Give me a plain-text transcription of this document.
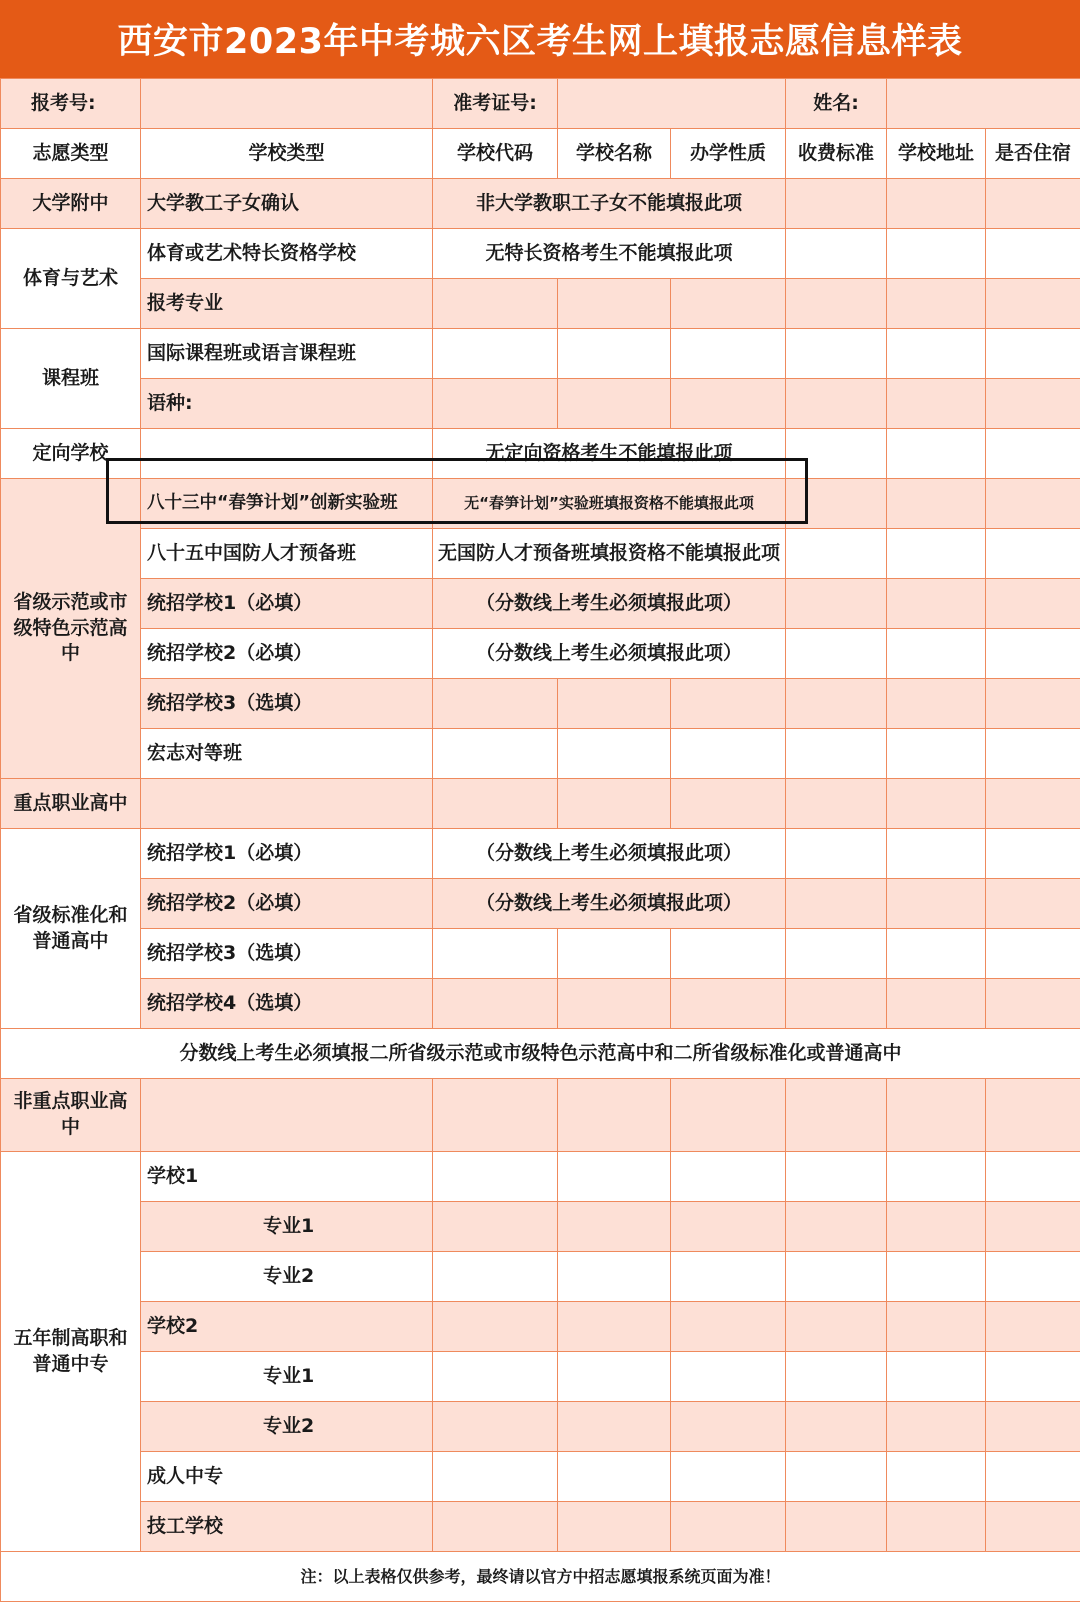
西安市2023年中考城六区考生网上填报志愿信息样表
报考号:		准考证号:			姓名:		
志愿类型	学校类型	学校代码	学校名称	办学性质	收费标准	学校地址	是否住宿
大学附中	大学教工子女确认	非大学教职工子女不能填报此项					
体育与艺术	体育或艺术特长资格学校	无特长资格考生不能填报此项					
	报考专业						
课程班	国际课程班或语言课程班						
	语种:						
定向学校		无定向资格考生不能填报此项					
省级示范或市级特色示范高中	八十三中“春笋计划”创新实验班	无“春笋计划”实验班填报资格不能填报此项					
	八十五中国防人才预备班	无国防人才预备班填报资格不能填报此项					
	统招学校1（必填）	（分数线上考生必须填报此项）					
	统招学校2（必填）	（分数线上考生必须填报此项）					
	统招学校3（选填）						
	宏志对等班						
重点职业高中							
省级标准化和普通高中	统招学校1（必填）	（分数线上考生必须填报此项）					
	统招学校2（必填）	（分数线上考生必须填报此项）					
	统招学校3（选填）						
	统招学校4（选填）						
分数线上考生必须填报二所省级示范或市级特色示范高中和二所省级标准化或普通高中							
非重点职业高中							
五年制高职和普通中专	学校1						
	专业1						
	专业2						
	学校2						
	专业1						
	专业2						
	成人中专						
	技工学校						
注：以上表格仅供参考，最终请以官方中招志愿填报系统页面为准！							
